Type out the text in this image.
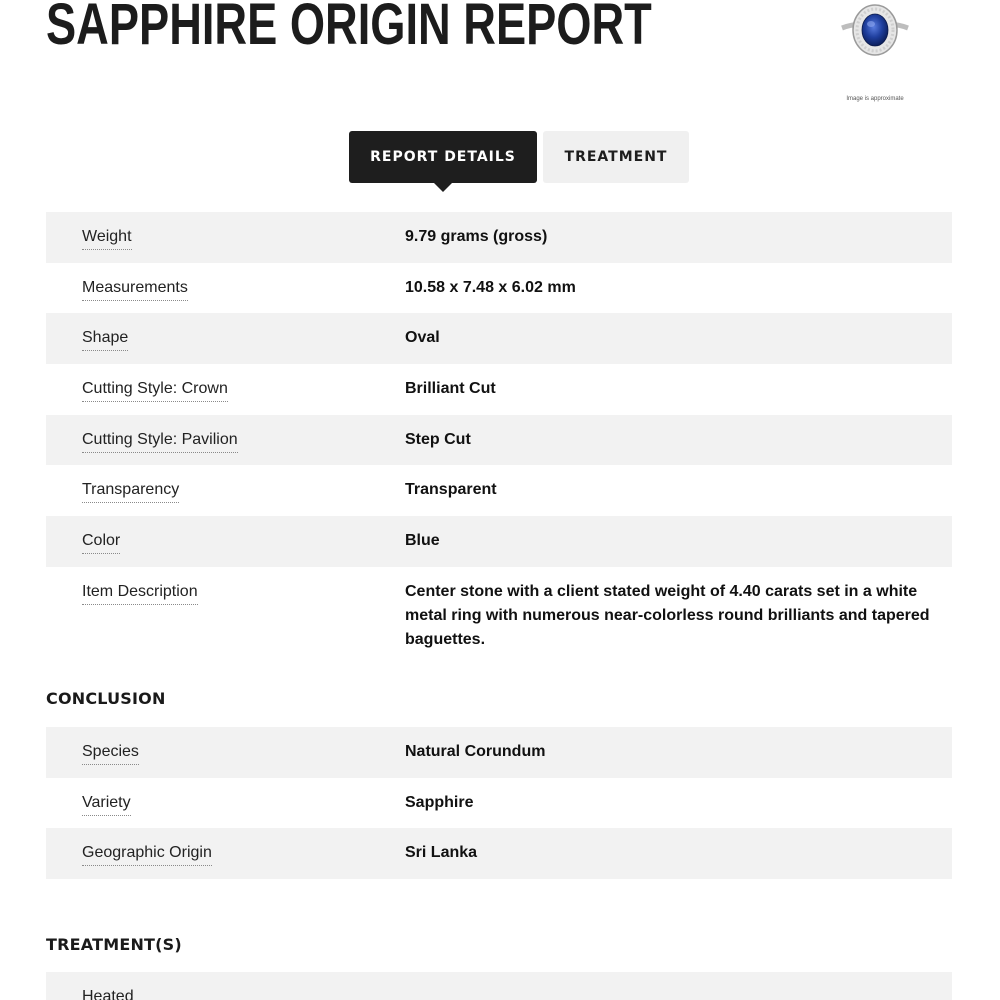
SAPPHIRE ORIGIN REPORT
Image is approximate
REPORT DETAILS	TREATMENT
Weight	9.79 grams (gross)
Measurements	10.58 x 7.48 x 6.02 mm
Shape	Oval
Cutting Style: Crown	Brilliant Cut
Cutting Style: Pavilion	Step Cut
Transparency	Transparent
Color	Blue
Item Description	Center stone with a client stated weight of 4.40 carats set in a white metal ring with numerous near-colorless round brilliants and tapered baguettes.
CONCLUSION
Species	Natural Corundum
Variety	Sapphire
Geographic Origin	Sri Lanka
TREATMENT(S)
Heated
